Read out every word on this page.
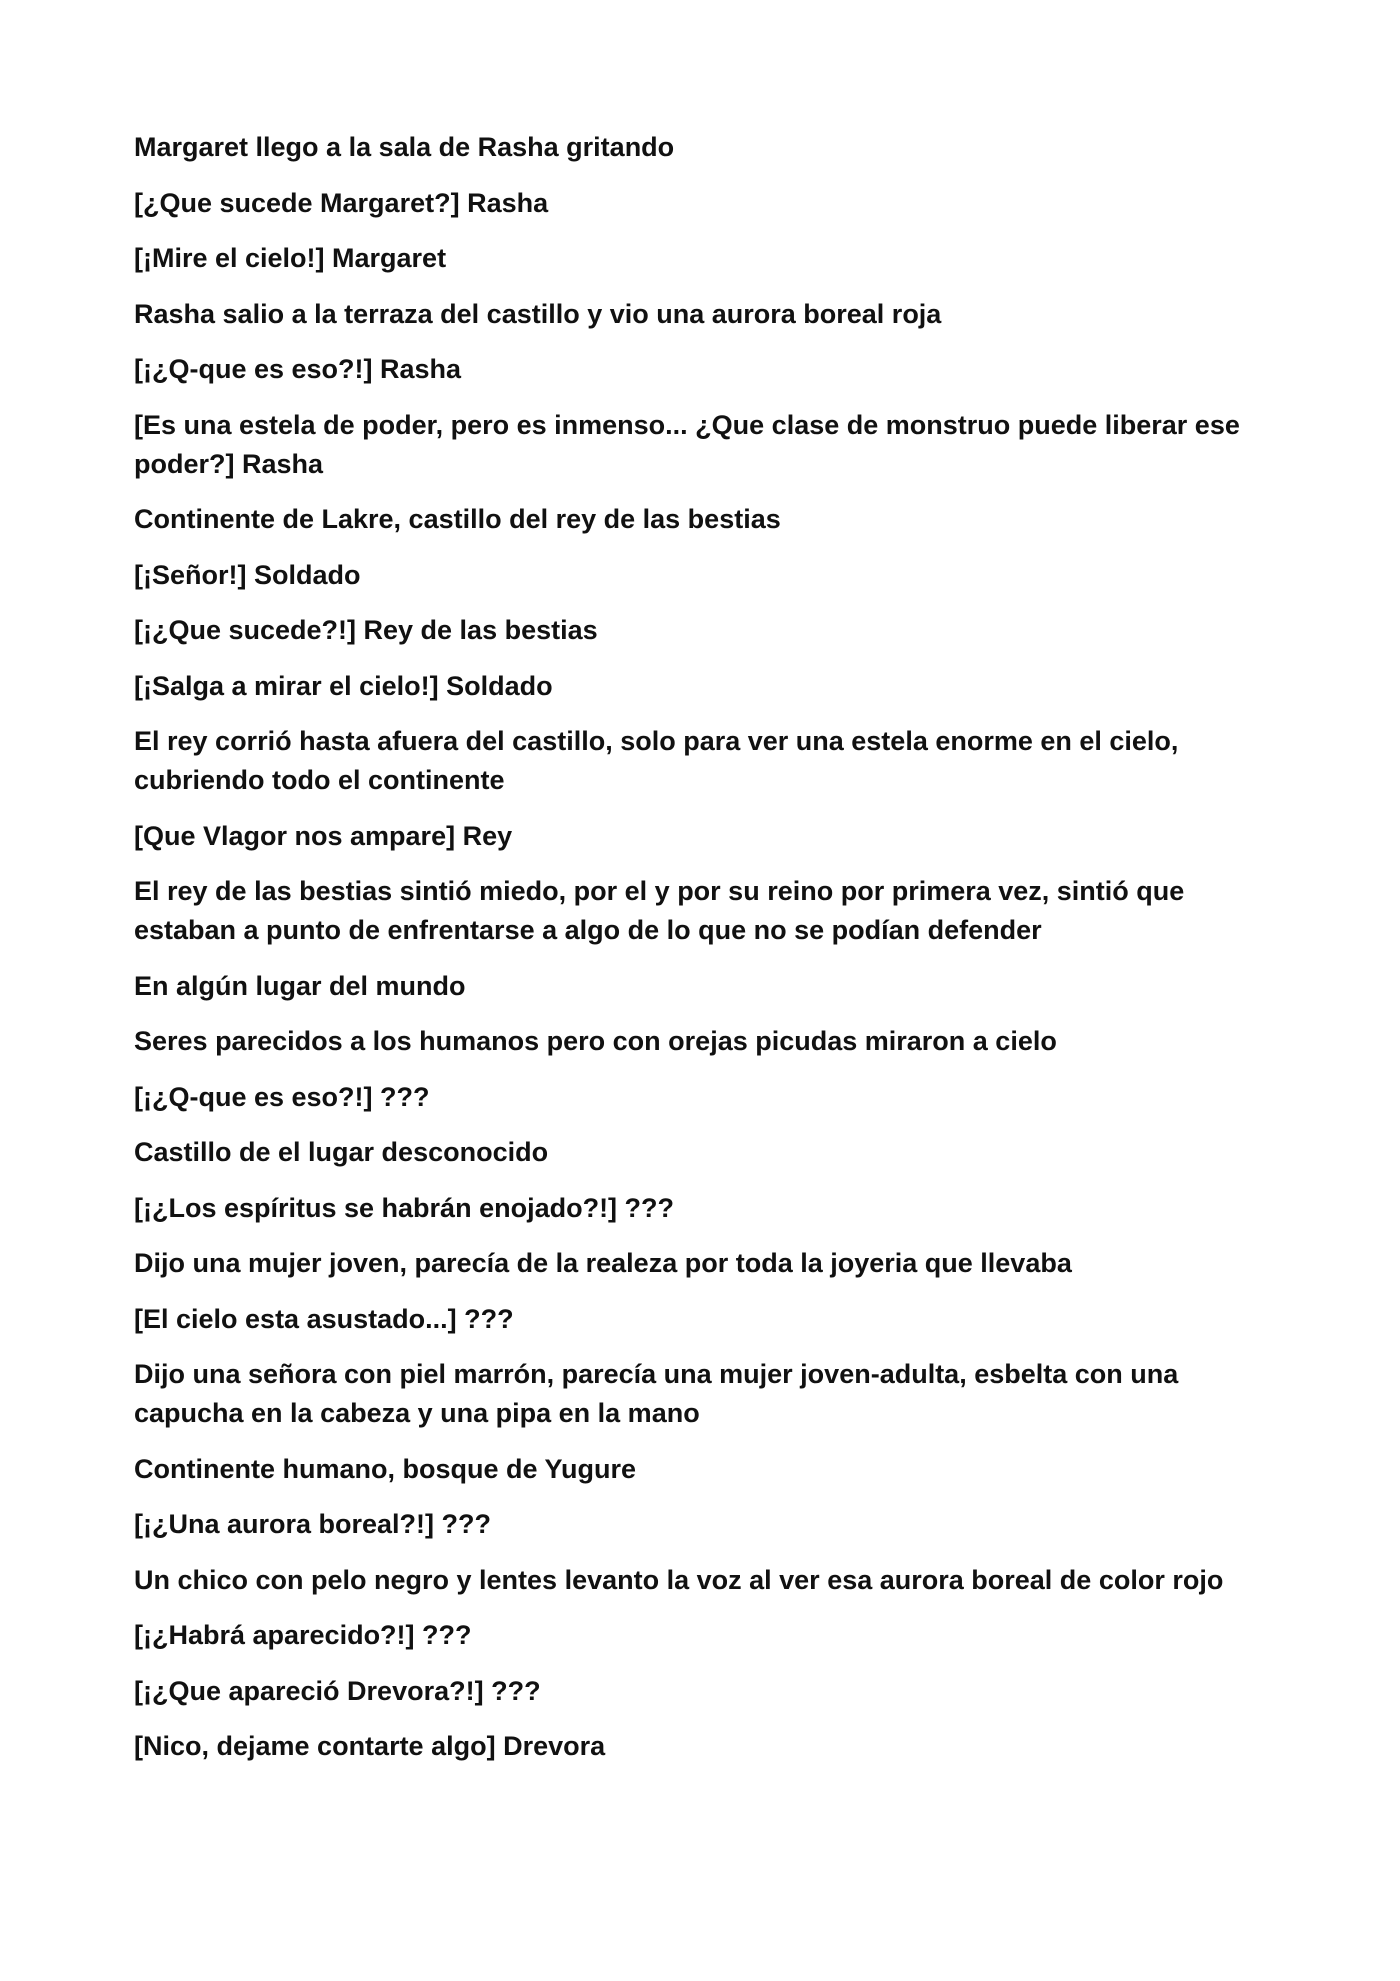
Margaret llego a la sala de Rasha gritando

[¿Que sucede Margaret?] Rasha

[¡Mire el cielo!] Margaret

Rasha salio a la terraza del castillo y vio una aurora boreal roja

[¡¿Q-que es eso?!] Rasha

[Es una estela de poder, pero es inmenso... ¿Que clase de monstruo puede liberar ese poder?] Rasha

Continente de Lakre, castillo del rey de las bestias

[¡Señor!] Soldado

[¡¿Que sucede?!] Rey de las bestias

[¡Salga a mirar el cielo!] Soldado

El rey corrió hasta afuera del castillo, solo para ver una estela enorme en el cielo, cubriendo todo el continente

[Que Vlagor nos ampare] Rey

El rey de las bestias sintió miedo, por el y por su reino por primera vez, sintió que estaban a punto de enfrentarse a algo de lo que no se podían defender

En algún lugar del mundo

Seres parecidos a los humanos pero con orejas picudas miraron a cielo

[¡¿Q-que es eso?!] ???

Castillo de el lugar desconocido

[¡¿Los espíritus se habrán enojado?!] ???

Dijo una mujer joven, parecía de la realeza por toda la joyeria que llevaba

[El cielo esta asustado...] ???

Dijo una señora con piel marrón, parecía una mujer joven-adulta, esbelta con una capucha en la cabeza y una pipa en la mano

Continente humano, bosque de Yugure

[¡¿Una aurora boreal?!] ???

Un chico con pelo negro y lentes levanto la voz al ver esa aurora boreal de color rojo

[¡¿Habrá aparecido?!] ???

[¡¿Que apareció Drevora?!] ???

[Nico, dejame contarte algo] Drevora
